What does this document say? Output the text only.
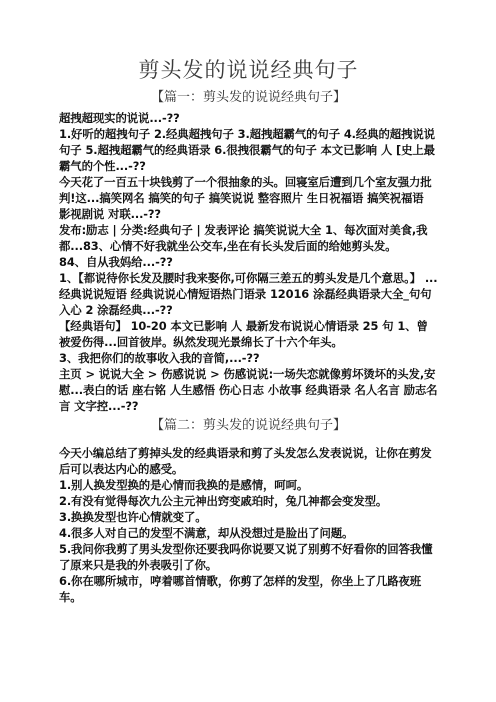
剪头发的说说经典句子
【篇一：剪头发的说说经典句子】

超拽超现实的说说...-??

1.好听的超拽句子 2.经典超拽句子 3.超拽超霸气的句子 4.经典的超拽说说句子 5.超拽超霸气的经典语录 6.很拽很霸气的句子 本文已影响 人 [史上最霸气的个性...-??

今天花了一百五十块钱剪了一个很抽象的头。回寝室后遭到几个室友强力批判!这...搞笑网名 搞笑的句子 搞笑说说 整容照片 生日祝福语 搞笑祝福语 影视剧说 对联...-??

发布:励志 | 分类:经典句子 | 发表评论 搞笑说说大全 1、每次面对美食,我都...83、心情不好我就坐公交车,坐在有长头发后面的给她剪头发。

84、自从我妈给...-??

1、【都说待你长发及腰时我来娶你,可你隔三差五的剪头发是几个意思。】 ...经典说说短语 经典说说心情短语热门语录 12016 涂磊经典语录大全_句句入心 2 涂磊经典...-??

【经典语句】 10-20 本文已影响 人 最新发布说说心情语录 25 句 1、曾被爱伤得...回首彼岸。纵然发现光景绵长了十六个年头。

3、我把你们的故事收入我的音简,...-??

主页 > 说说大全 > 伤感说说 > 伤感说说:一场失恋就像剪坏烫坏的头发,安慰...表白的话 座右铭 人生感悟 伤心日志 小故事 经典语录 名人名言 励志名言 文字控...-??

【篇二：剪头发的说说经典句子】

今天小编总结了剪掉头发的经典语录和剪了头发怎么发表说说，让你在剪发后可以表达内心的感受。

1.别人换发型换的是心情而我换的是感情，呵呵。

2.有没有觉得每次九公主元神出窍变戚珀时，兔几神都会变发型。

3.换换发型也许心情就变了。

4.很多人对自己的发型不满意，却从没想过是脸出了问题。

5.我问你我剪了男头发型你还要我吗你说要又说了别剪不好看你的回答我懂了原来只是我的外表吸引了你。

6.你在哪所城市，哼着哪首情歌，你剪了怎样的发型，你坐上了几路夜班车。
